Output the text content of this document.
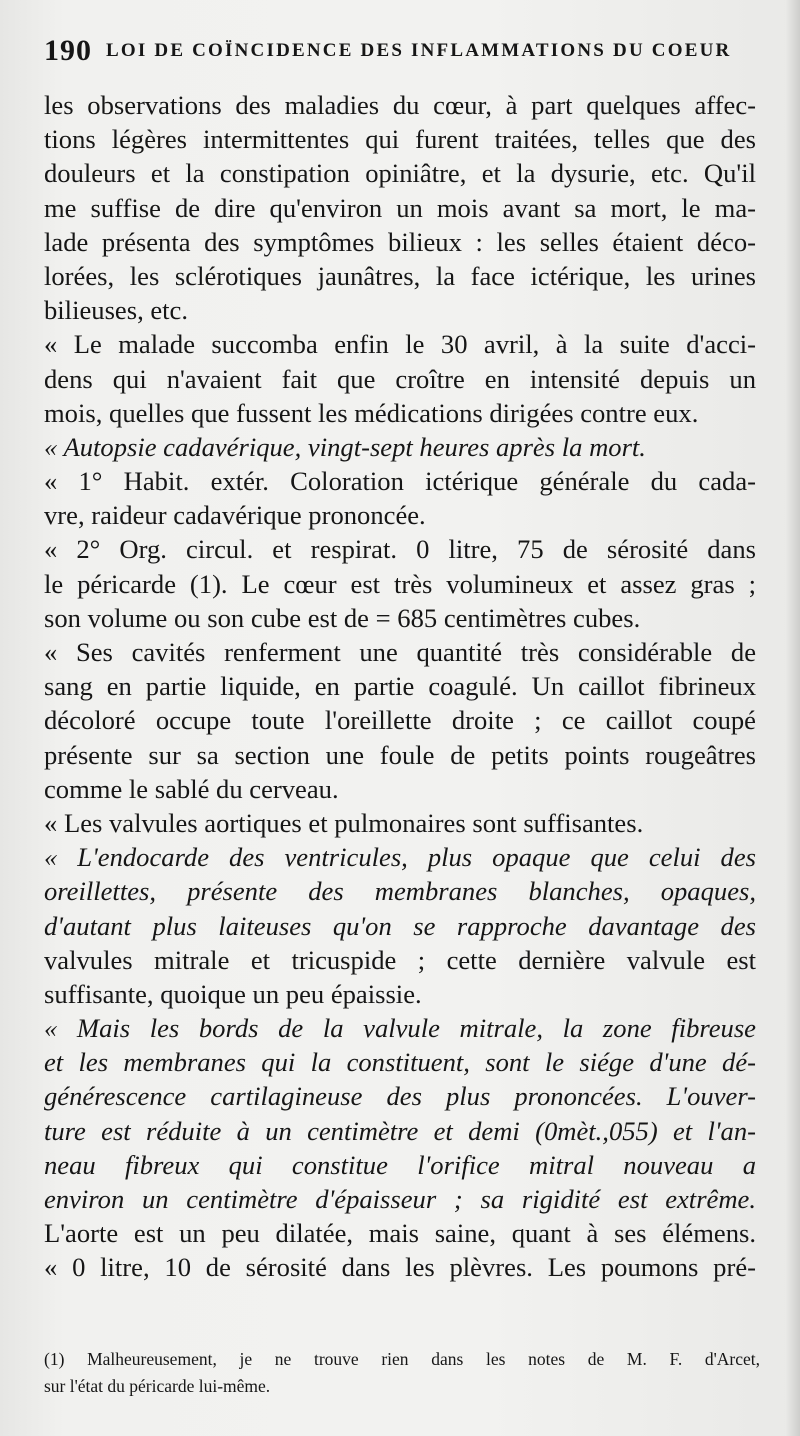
190 LOI DE COÏNCIDENCE DES INFLAMMATIONS DU COEUR
les observations des maladies du cœur, à part quelques affec-
tions légères intermittentes qui furent traitées, telles que des
douleurs et la constipation opiniâtre, et la dysurie, etc. Qu'il
me suffise de dire qu'environ un mois avant sa mort, le ma-
lade présenta des symptômes bilieux : les selles étaient déco-
lorées, les sclérotiques jaunâtres, la face ictérique, les urines
bilieuses, etc.
« Le malade succomba enfin le 30 avril, à la suite d'acci-
dens qui n'avaient fait que croître en intensité depuis un
mois, quelles que fussent les médications dirigées contre eux.
« Autopsie cadavérique, vingt-sept heures après la mort.
« 1° Habit. extér. Coloration ictérique générale du cada-
vre, raideur cadavérique prononcée.
« 2° Org. circul. et respirat. 0 litre, 75 de sérosité dans
le péricarde (1). Le cœur est très volumineux et assez gras ;
son volume ou son cube est de = 685 centimètres cubes.
« Ses cavités renferment une quantité très considérable de
sang en partie liquide, en partie coagulé. Un caillot fibrineux
décoloré occupe toute l'oreillette droite ; ce caillot coupé
présente sur sa section une foule de petits points rougeâtres
comme le sablé du cerveau.
« Les valvules aortiques et pulmonaires sont suffisantes.
« L'endocarde des ventricules, plus opaque que celui des
oreillettes, présente des membranes blanches, opaques,
d'autant plus laiteuses qu'on se rapproche davantage des
valvules mitrale et tricuspide ; cette dernière valvule est
suffisante, quoique un peu épaissie.
« Mais les bords de la valvule mitrale, la zone fibreuse
et les membranes qui la constituent, sont le siége d'une dé-
générescence cartilagineuse des plus prononcées. L'ouver-
ture est réduite à un centimètre et demi (0mèt.,055) et l'an-
neau fibreux qui constitue l'orifice mitral nouveau a
environ un centimètre d'épaisseur ; sa rigidité est extrême.
L'aorte est un peu dilatée, mais saine, quant à ses élémens.
« 0 litre, 10 de sérosité dans les plèvres. Les poumons pré-
(1) Malheureusement, je ne trouve rien dans les notes de M. F. d'Arcet,
sur l'état du péricarde lui-même.
